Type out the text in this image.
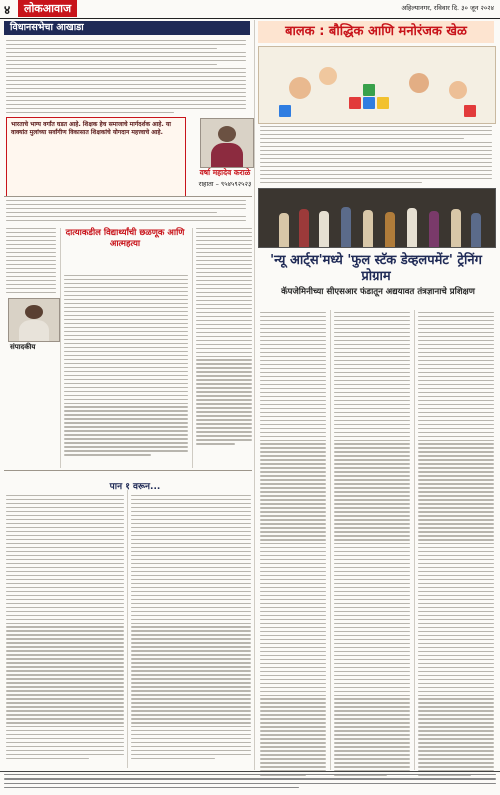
४	लोकआवाज	अहिल्यानगर, रविवार दि. ३० जून २०२४
विधानसभेचा आखाडा
भारताचे भाग्य वर्गांत घडत आहे. शिक्षक हेच समाजाचे मार्गदर्शक आहे. या वाक्यांत मुलांच्या सर्वांगीण विकासात शिक्षकांचे योगदान महत्त्वाचे आहे.
वर्षा महादेव कराळे
राहाता – ९५४५९२५२३
बालक : बौद्धिक आणि मनोरंजक खेळ
'न्यू आर्ट्स'मध्ये 'फुल स्टॅक डेव्हलपमेंट' ट्रेनिंग प्रोग्राम
कॅपजेमिनीच्या सीएसआर फंडातून अद्ययावत तंत्रज्ञानाचे प्रशिक्षण
दात्याकडील विद्यार्थ्यांची छळणूक आणि आत्महत्या
संपादकीय
पान १ वरून...
